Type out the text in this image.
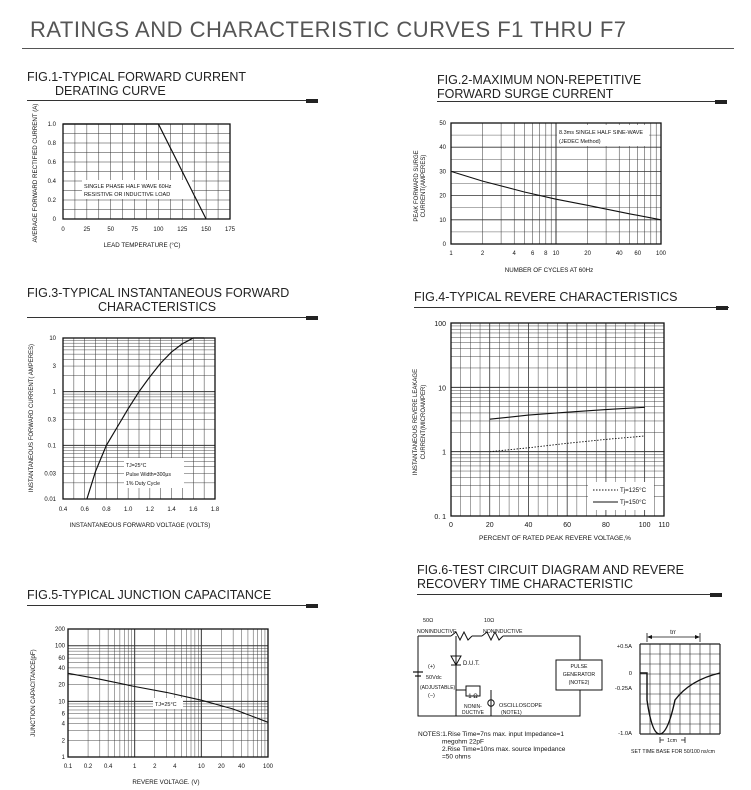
RATINGS AND CHARACTERISTIC CURVES F1 THRU F7
FIG.1-TYPICAL FORWARD CURRENT
DERATING CURVE
FIG.2-MAXIMUM NON-REPETITIVE
FORWARD SURGE CURRENT
FIG.3-TYPICAL INSTANTANEOUS FORWARD
CHARACTERISTICS
FIG.4-TYPICAL REVERE CHARACTERISTICS
FIG.5-TYPICAL JUNCTION CAPACITANCE
FIG.6-TEST CIRCUIT DIAGRAM AND REVERE
RECOVERY TIME CHARACTERISTIC
SINGLE PHASE HALF WAVE 60Hz
RESISTIVE OR INDUCTIVE LOAD
0	25	50	75	100 125 150 175
0
0.2
0.4
0.6
0.8
1.0
LEAD TEMPERATURE (°C)
AVERAGE FORWARD RECTIFIED CURRENT (A)	8.3ms SINGLE HALF SINE-WAVE
(JEDEC Method)
1	2	4	6 8 10	20	40 60 100
0
10
20
30
40
50
NUMBER OF CYCLES AT 60Hz
PEAK FORWARD SURGE CURRENT(AMPERES)
TJ=25°C
Pulse Width=300μs
1% Duty Cycle
0.4 0.6 0.8 1.0 1.2 1.4 1.6 1.8
10
3
1
0.3
0.1
0.03
0.01
INSTANTANEOUS FORWARD VOLTAGE (VOLTS)
INSTANTANEOUS FORWARD CURRENT( AMPERES)	Tj=125°C
Tj=150°C
0	20	40	60	80	100 110
100
10
1
0. 1
PERCENT OF RATED PEAK REVERE VOLTAGE,%
INSTANTANEOUS REVERE LEAKAGE CURRENT(MICROAMPER)
TJ=25°C
0.1 0.2 0.4	1	2	4	10 20 40	100
200
100
60
40
20
10
6
4
2
1
REVERE VOLTAGE. (V)
JUNCTION CAPACITANCE(pF)
50Ω
NONINDUCTIVE
10Ω
NONINDUCTIVE
(+)
50Vdc
(ADJUSTABLE)
(−)
D.U.T.
1 Ω
NONIN-
DUCTIVE
OSCILLOSCOPE
(NOTE1)
PULSE
GENERATOR
(NOTE2)
NOTES:1.Rise Time=7ns max. input Impedance=1
megohm 22pF
2.Rise Time=10ns max. source Impedance
=50 ohms
+0.5A
0
-0.25A
-1.0A
trr
1cm
SET TIME BASE FOR 50/100 ns/cm
